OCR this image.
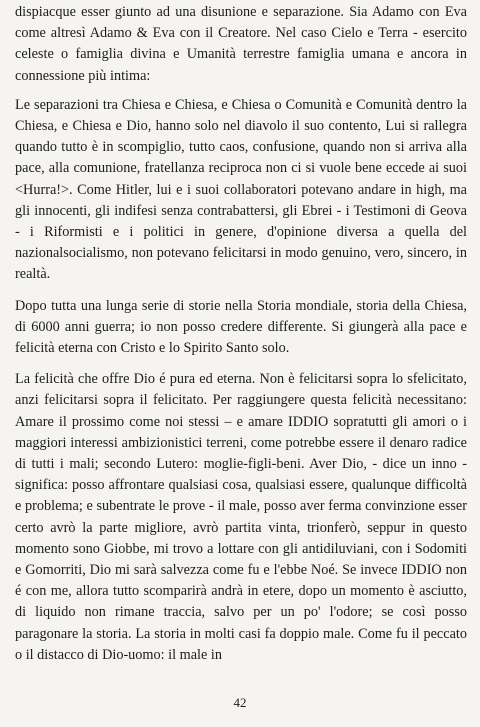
dispiacque esser giunto ad una disunione e separazione. Sia Adamo con Eva come altresì Adamo & Eva con il Creatore. Nel caso Cielo e Terra - esercito celeste o famiglia divina e Umanità terrestre famiglia umana e ancora in connessione più intima:

Le separazioni tra Chiesa e Chiesa, e Chiesa o Comunità e Comunità dentro la Chiesa, e Chiesa e Dio, hanno solo nel diavolo il suo contento, Lui si rallegra quando tutto è in scompiglio, tutto caos, confusione, quando non si arriva alla pace, alla comunione, fratellanza reciproca non ci si vuole bene eccede ai suoi <Hurra!>. Come Hitler, lui e i suoi collaboratori potevano andare in high, ma gli innocenti, gli indifesi senza contrabattersi, gli Ebrei - i Testimoni di Geova - i Riformisti e i politici in genere, d'opinione diversa a quella del nazionalsocialismo, non potevano felicitarsi in modo genuino, vero, sincero, in realtà.

Dopo tutta una lunga serie di storie nella Storia mondiale, storia della Chiesa, di 6000 anni guerra; io non posso credere differente. Si giungerà alla pace e felicità eterna con Cristo e lo Spirito Santo solo.

La felicità che offre Dio é pura ed eterna. Non è felicitarsi sopra lo sfelicitato, anzi felicitarsi sopra il felicitato. Per raggiungere questa felicità necessitano: Amare il prossimo come noi stessi – e amare IDDIO sopratutti gli amori o i maggiori interessi ambizionistici terreni, come potrebbe essere il denaro radice di tutti i mali; secondo Lutero: moglie-figli-beni. Aver Dio, - dice un inno - significa: posso affrontare qualsiasi cosa, qualsiasi essere, qualunque difficoltà e problema; e subentrate le prove - il male, posso aver ferma convinzione esser certo avrò la parte migliore, avrò partita vinta, trionferò, seppur in questo momento sono Giobbe, mi trovo a lottare con gli antidiluviani, con i Sodomiti e Gomorriti, Dio mi sarà salvezza come fu e l'ebbe Noé. Se invece IDDIO non é con me, allora tutto scomparirà andrà in etere, dopo un momento è asciutto, di liquido non rimane traccia, salvo per un po' l'odore; se così posso paragonare la storia. La storia in molti casi fa doppio male. Come fu il peccato o il distacco di Dio-uomo: il male in

42
